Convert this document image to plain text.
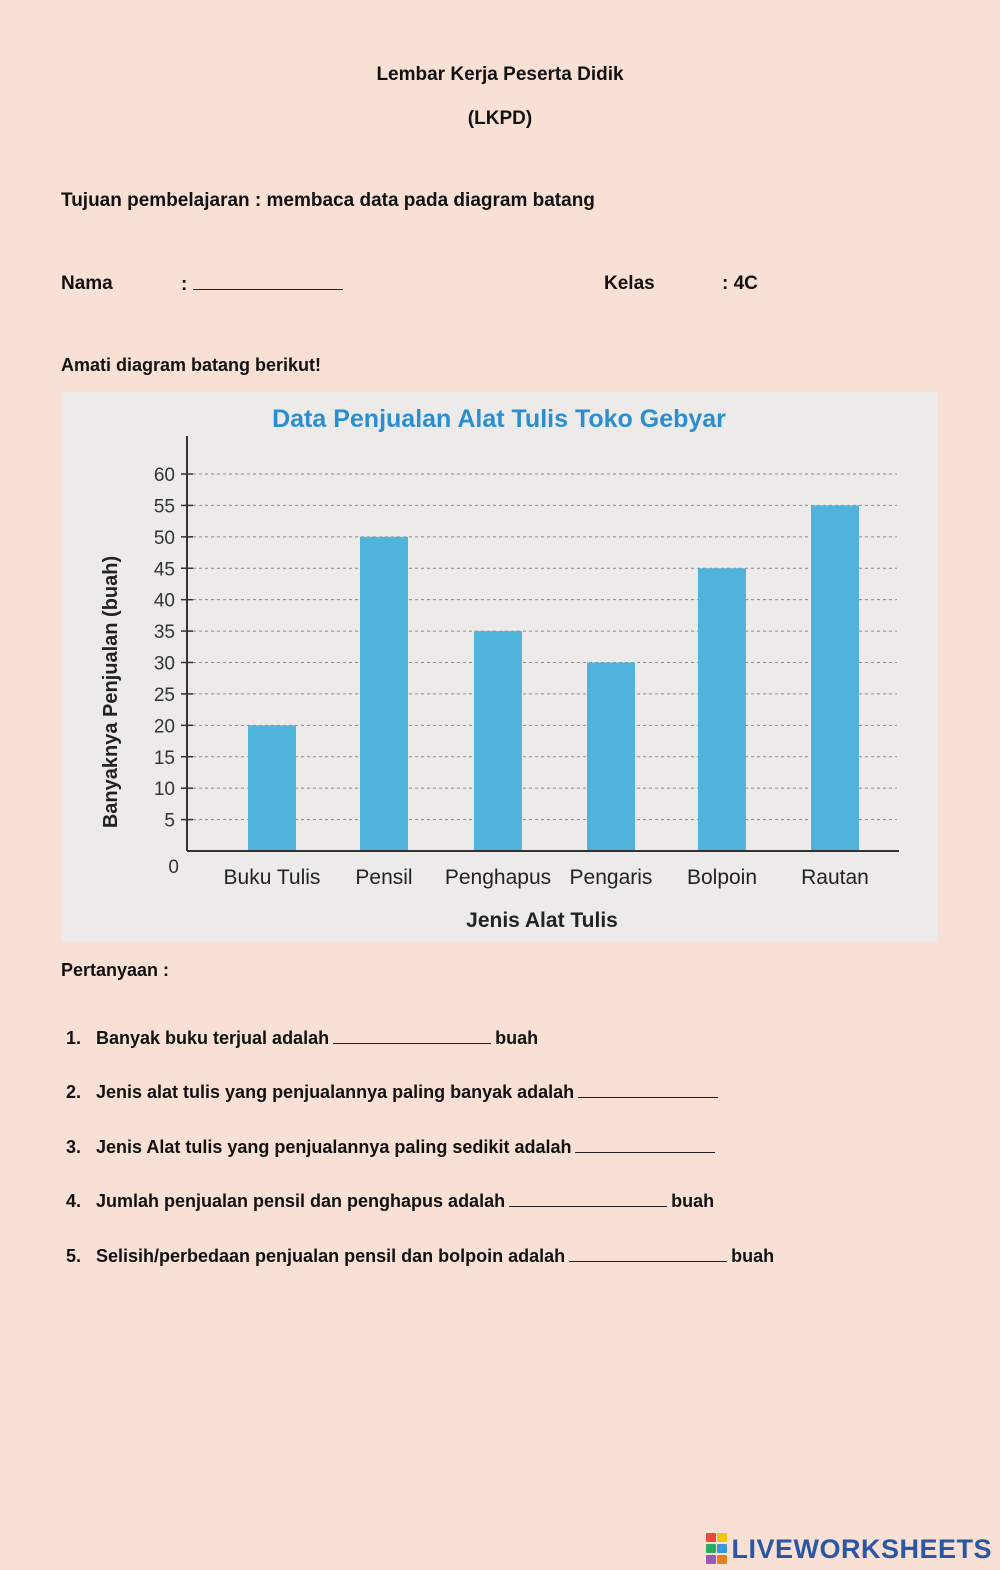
Lembar Kerja Peserta Didik
(LKPD)
Tujuan pembelajaran : membaca data pada diagram batang
Nama	:	Kelas	: 4C
Amati diagram batang berikut!
Data Penjualan Alat Tulis Toko Gebyar
0
5
10
15
20
25
30
35
40
45
50
55
60
Buku Tulis Pensil Penghapus Pengaris Bolpoin Rautan
Jenis Alat Tulis
Banyaknya Penjualan (buah)
Pertanyaan :
1. Banyak buku terjual adalah	buah
2. Jenis alat tulis yang penjualannya paling banyak adalah
3. Jenis Alat tulis yang penjualannya paling sedikit adalah
4. Jumlah penjualan pensil dan penghapus adalah	buah
5. Selisih/perbedaan penjualan pensil dan bolpoin adalah	buah
LIVEWORKSHEETS
